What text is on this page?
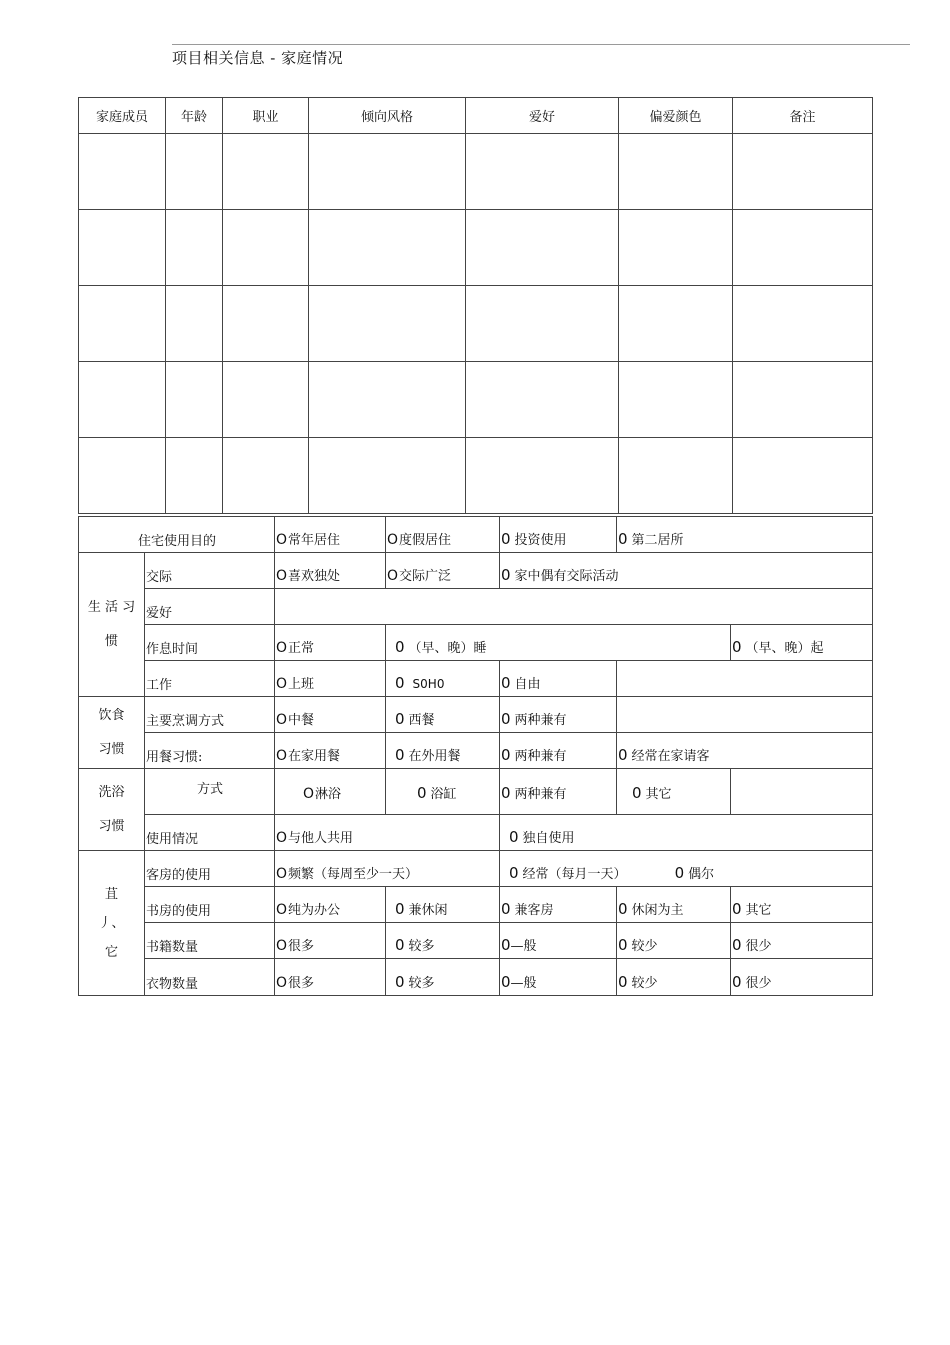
项目相关信息 - 家庭情况
家庭成员	年龄	职业	倾向风格	爱好	偏爱颜色	备注

住宅使用目的		O常年居住	O度假居住	0 投资使用	0 第二居所	
生 活 习
惯	交际	O喜欢独处	O交际广泛	0 家中偶有交际活动		
	爱好					
	作息时间	O正常	0 （早、晚）睡			0 （早、晚）起
	工作	O上班	0 S0H0	0 自由		
饮食
习惯	主要烹调方式	O中餐	0 西餐	0 两种兼有		
	用餐习惯:	O在家用餐	0 在外用餐	0 两种兼有	0 经常在家请客	
洗浴
习惯	方式	O淋浴	0 浴缸	0 两种兼有	0 其它	
	使用情况	O与他人共用		0 独自使用		
苴
丿、
它	客房的使用	O频繁（每周至少一天）		0 经常（每月一天） 0 偶尔		
	书房的使用	O纯为办公	0 兼休闲	0 兼客房	0 休闲为主	0 其它
	书籍数量	O很多	0 较多	0—般	0 较少	0 很少
	衣物数量	O很多	0 较多	0—般	0 较少	0 很少
